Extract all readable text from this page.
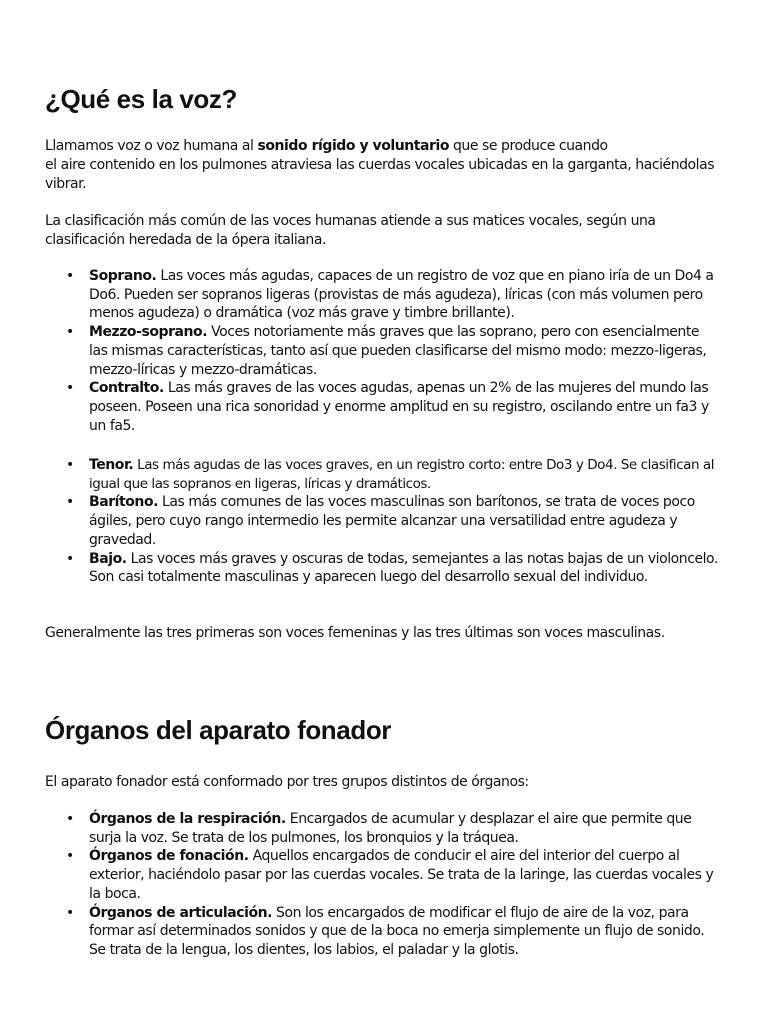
¿Qué es la voz?

Llamamos voz o voz humana al sonido rígido y voluntario que se produce cuando
el aire contenido en los pulmones atraviesa las cuerdas vocales ubicadas en la garganta, haciéndolas vibrar.

La clasificación más común de las voces humanas atiende a sus matices vocales, según una clasificación heredada de la ópera italiana.

• Soprano. Las voces más agudas, capaces de un registro de voz que en piano iría de un Do4 a Do6. Pueden ser sopranos ligeras (provistas de más agudeza), líricas (con más volumen pero menos agudeza) o dramática (voz más grave y timbre brillante).
• Mezzo-soprano. Voces notoriamente más graves que las soprano, pero con esencialmente las mismas características, tanto así que pueden clasificarse del mismo modo: mezzo-ligeras, mezzo-líricas y mezzo-dramáticas.
• Contralto. Las más graves de las voces agudas, apenas un 2% de las mujeres del mundo las poseen. Poseen una rica sonoridad y enorme amplitud en su registro, oscilando entre un fa3 y un fa5.
• Tenor. Las más agudas de las voces graves, en un registro corto: entre Do3 y Do4. Se clasifican al igual que las sopranos en ligeras, líricas y dramáticos.
• Barítono. Las más comunes de las voces masculinas son barítonos, se trata de voces poco ágiles, pero cuyo rango intermedio les permite alcanzar una versatilidad entre agudeza y gravedad.
• Bajo. Las voces más graves y oscuras de todas, semejantes a las notas bajas de un violoncelo. Son casi totalmente masculinas y aparecen luego del desarrollo sexual del individuo.

Generalmente las tres primeras son voces femeninas y las tres últimas son voces masculinas.

Órganos del aparato fonador

El aparato fonador está conformado por tres grupos distintos de órganos:

• Órganos de la respiración. Encargados de acumular y desplazar el aire que permite que surja la voz. Se trata de los pulmones, los bronquios y la tráquea.
• Órganos de fonación. Aquellos encargados de conducir el aire del interior del cuerpo al exterior, haciéndolo pasar por las cuerdas vocales. Se trata de la laringe, las cuerdas vocales y la boca.
• Órganos de articulación. Son los encargados de modificar el flujo de aire de la voz, para formar así determinados sonidos y que de la boca no emerja simplemente un flujo de sonido. Se trata de la lengua, los dientes, los labios, el paladar y la glotis.
